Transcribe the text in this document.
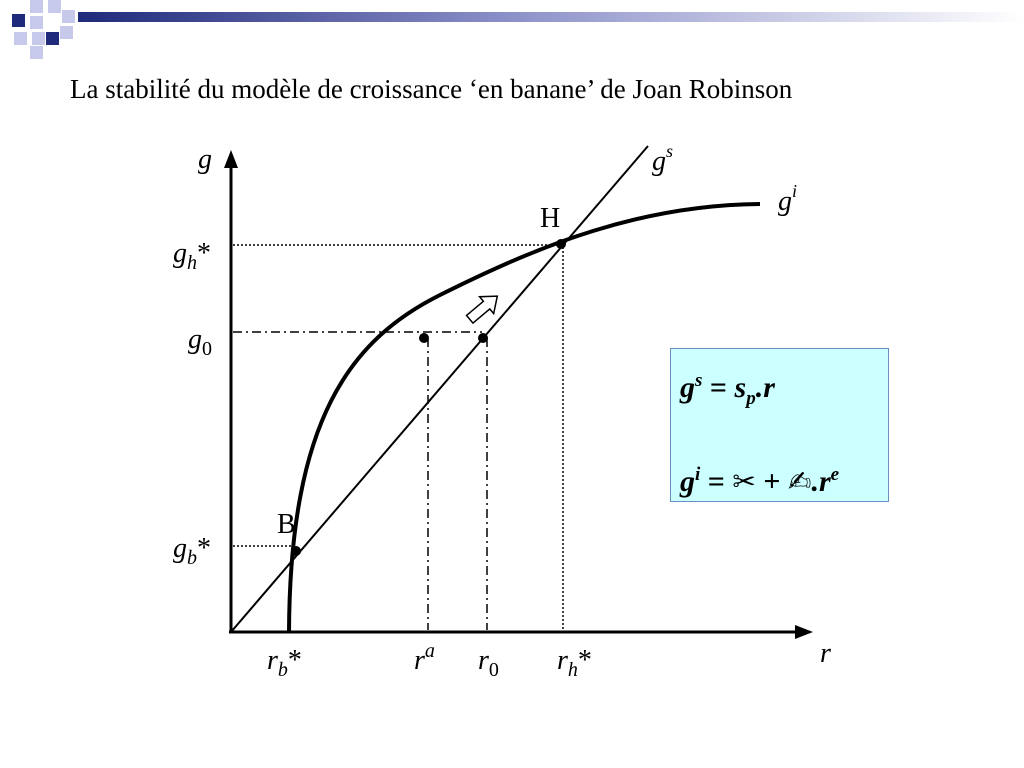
La stabilité du modèle de croissance ‘en banane’ de Joan Robinson
g
r
$g^s$
$g^i$
H
B
$g_h*$
$g_0$
$g_b*$
$r_b*$	$r^a$ $r_0$ $r_h*$
$g^s = s_p.r$
$g^i$ = ✂ + $✍.r^e$
